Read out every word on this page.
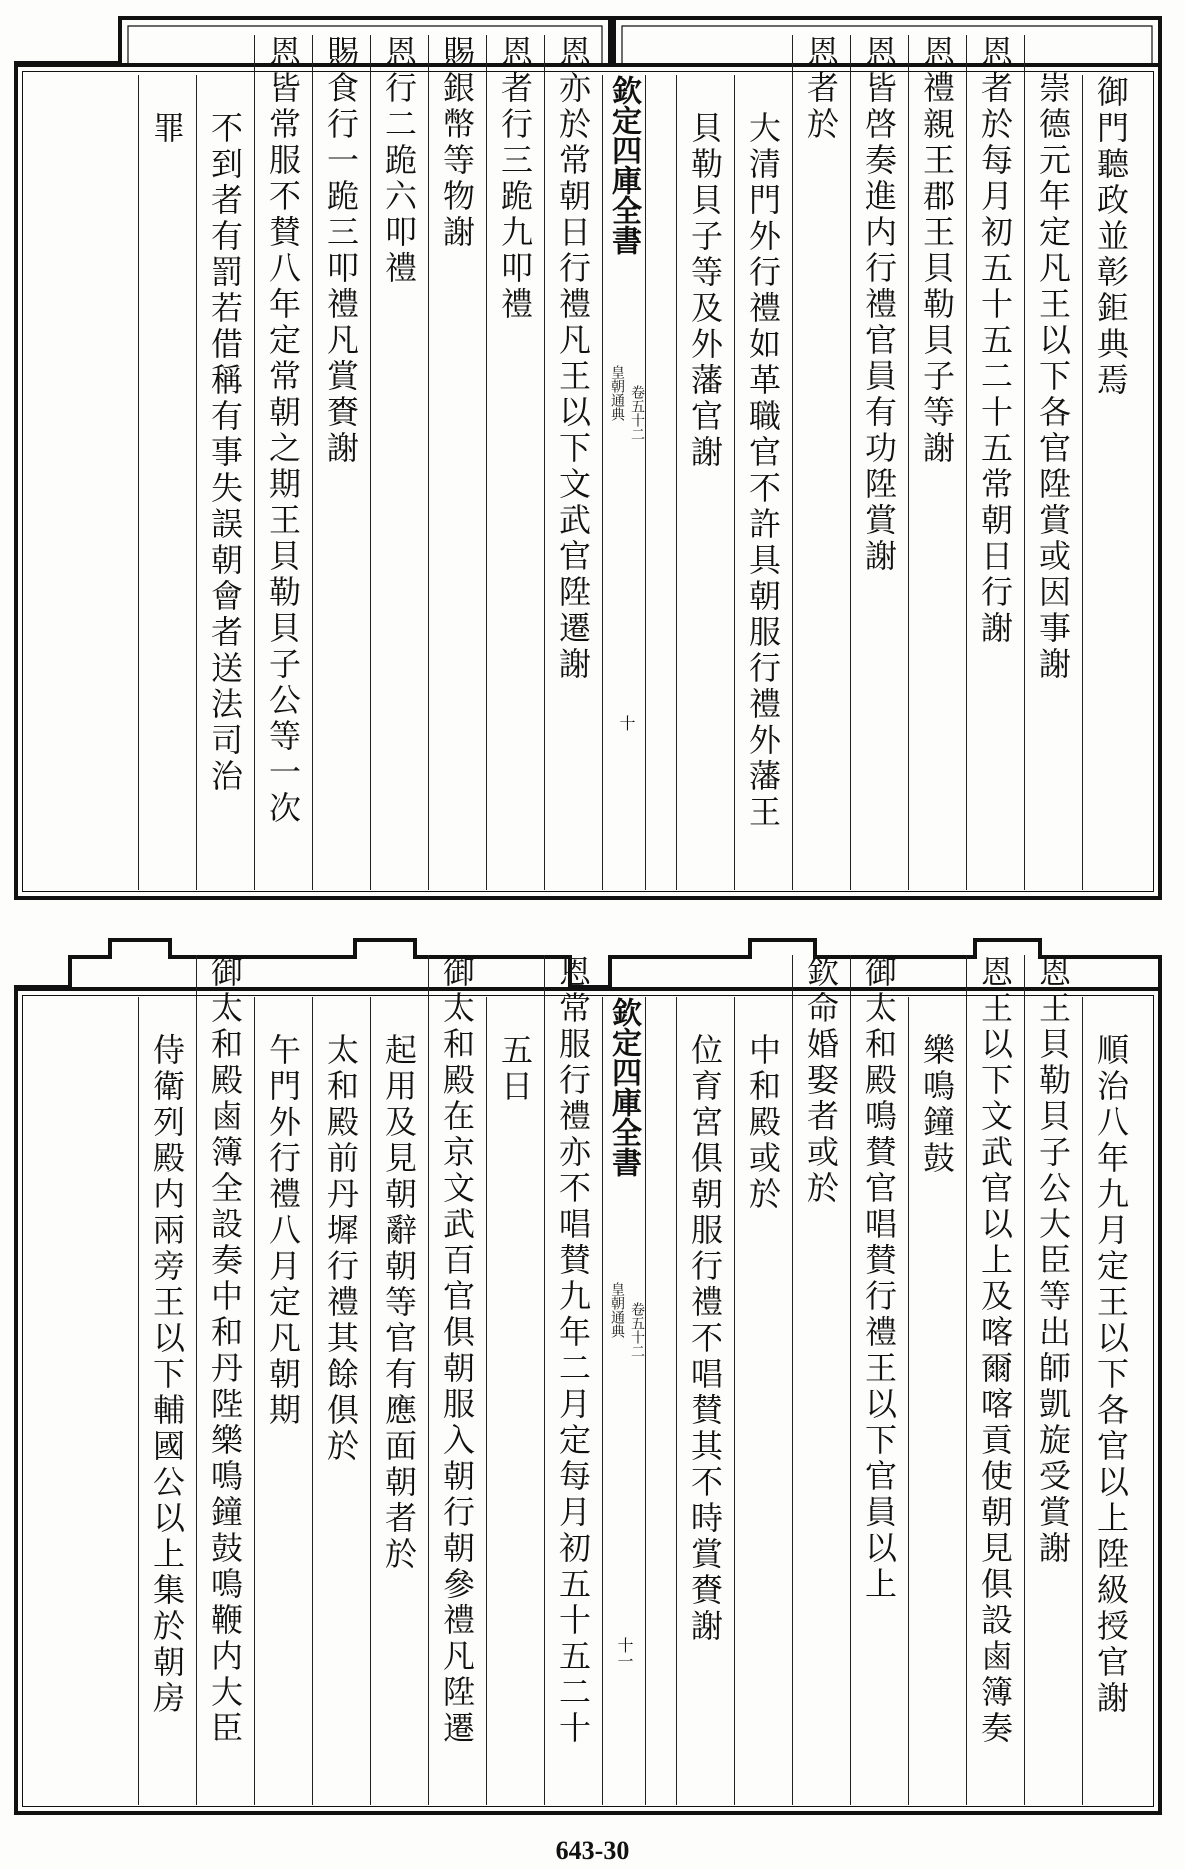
御門聽政並彰鉅典焉
　崇德元年定凡王以下各官陞賞或因事謝
恩者於每月初五十五二十五常朝日行謝
恩禮親王郡王貝勒貝子等謝
恩皆啓奏進内行禮官員有功陞賞謝
恩者於
　大清門外行禮如革職官不許具朝服行禮外藩王
　貝勒貝子等及外藩官謝
欽定四庫全書
皇朝通典 卷五十二
十
恩亦於常朝日行禮凡王以下文武官陞遷謝
恩者行三跪九叩禮
賜銀幣等物謝
恩行二跪六叩禮
賜食行一跪三叩禮凡賞賚謝
恩皆常服不賛八年定常朝之期王貝勒貝子公等一次
　不到者有罰若借稱有事失誤朝會者送法司治
　罪
　順治八年九月定王以下各官以上陞級授官謝
恩王貝勒貝子公大臣等出師凱旋受賞謝
恩王以下文武官以上及喀爾喀貢使朝見俱設鹵簿奏
　樂鳴鐘鼓
御太和殿鳴賛官唱賛行禮王以下官員以上
欽命婚娶者或於
　中和殿或於
　位育宮俱朝服行禮不唱賛其不時賞賚謝
欽定四庫全書
皇朝通典 卷五十二
十一
恩常服行禮亦不唱賛九年二月定每月初五十五二十
　五日
御太和殿在京文武百官俱朝服入朝行朝參禮凡陞遷
　起用及見朝辭朝等官有應面朝者於
　太和殿前丹墀行禮其餘俱於
　午門外行禮八月定凡朝期
御太和殿鹵簿全設奏中和丹陛樂鳴鐘鼓鳴鞭内大臣
　侍衛列殿内兩旁王以下輔國公以上集於朝房
643-30
